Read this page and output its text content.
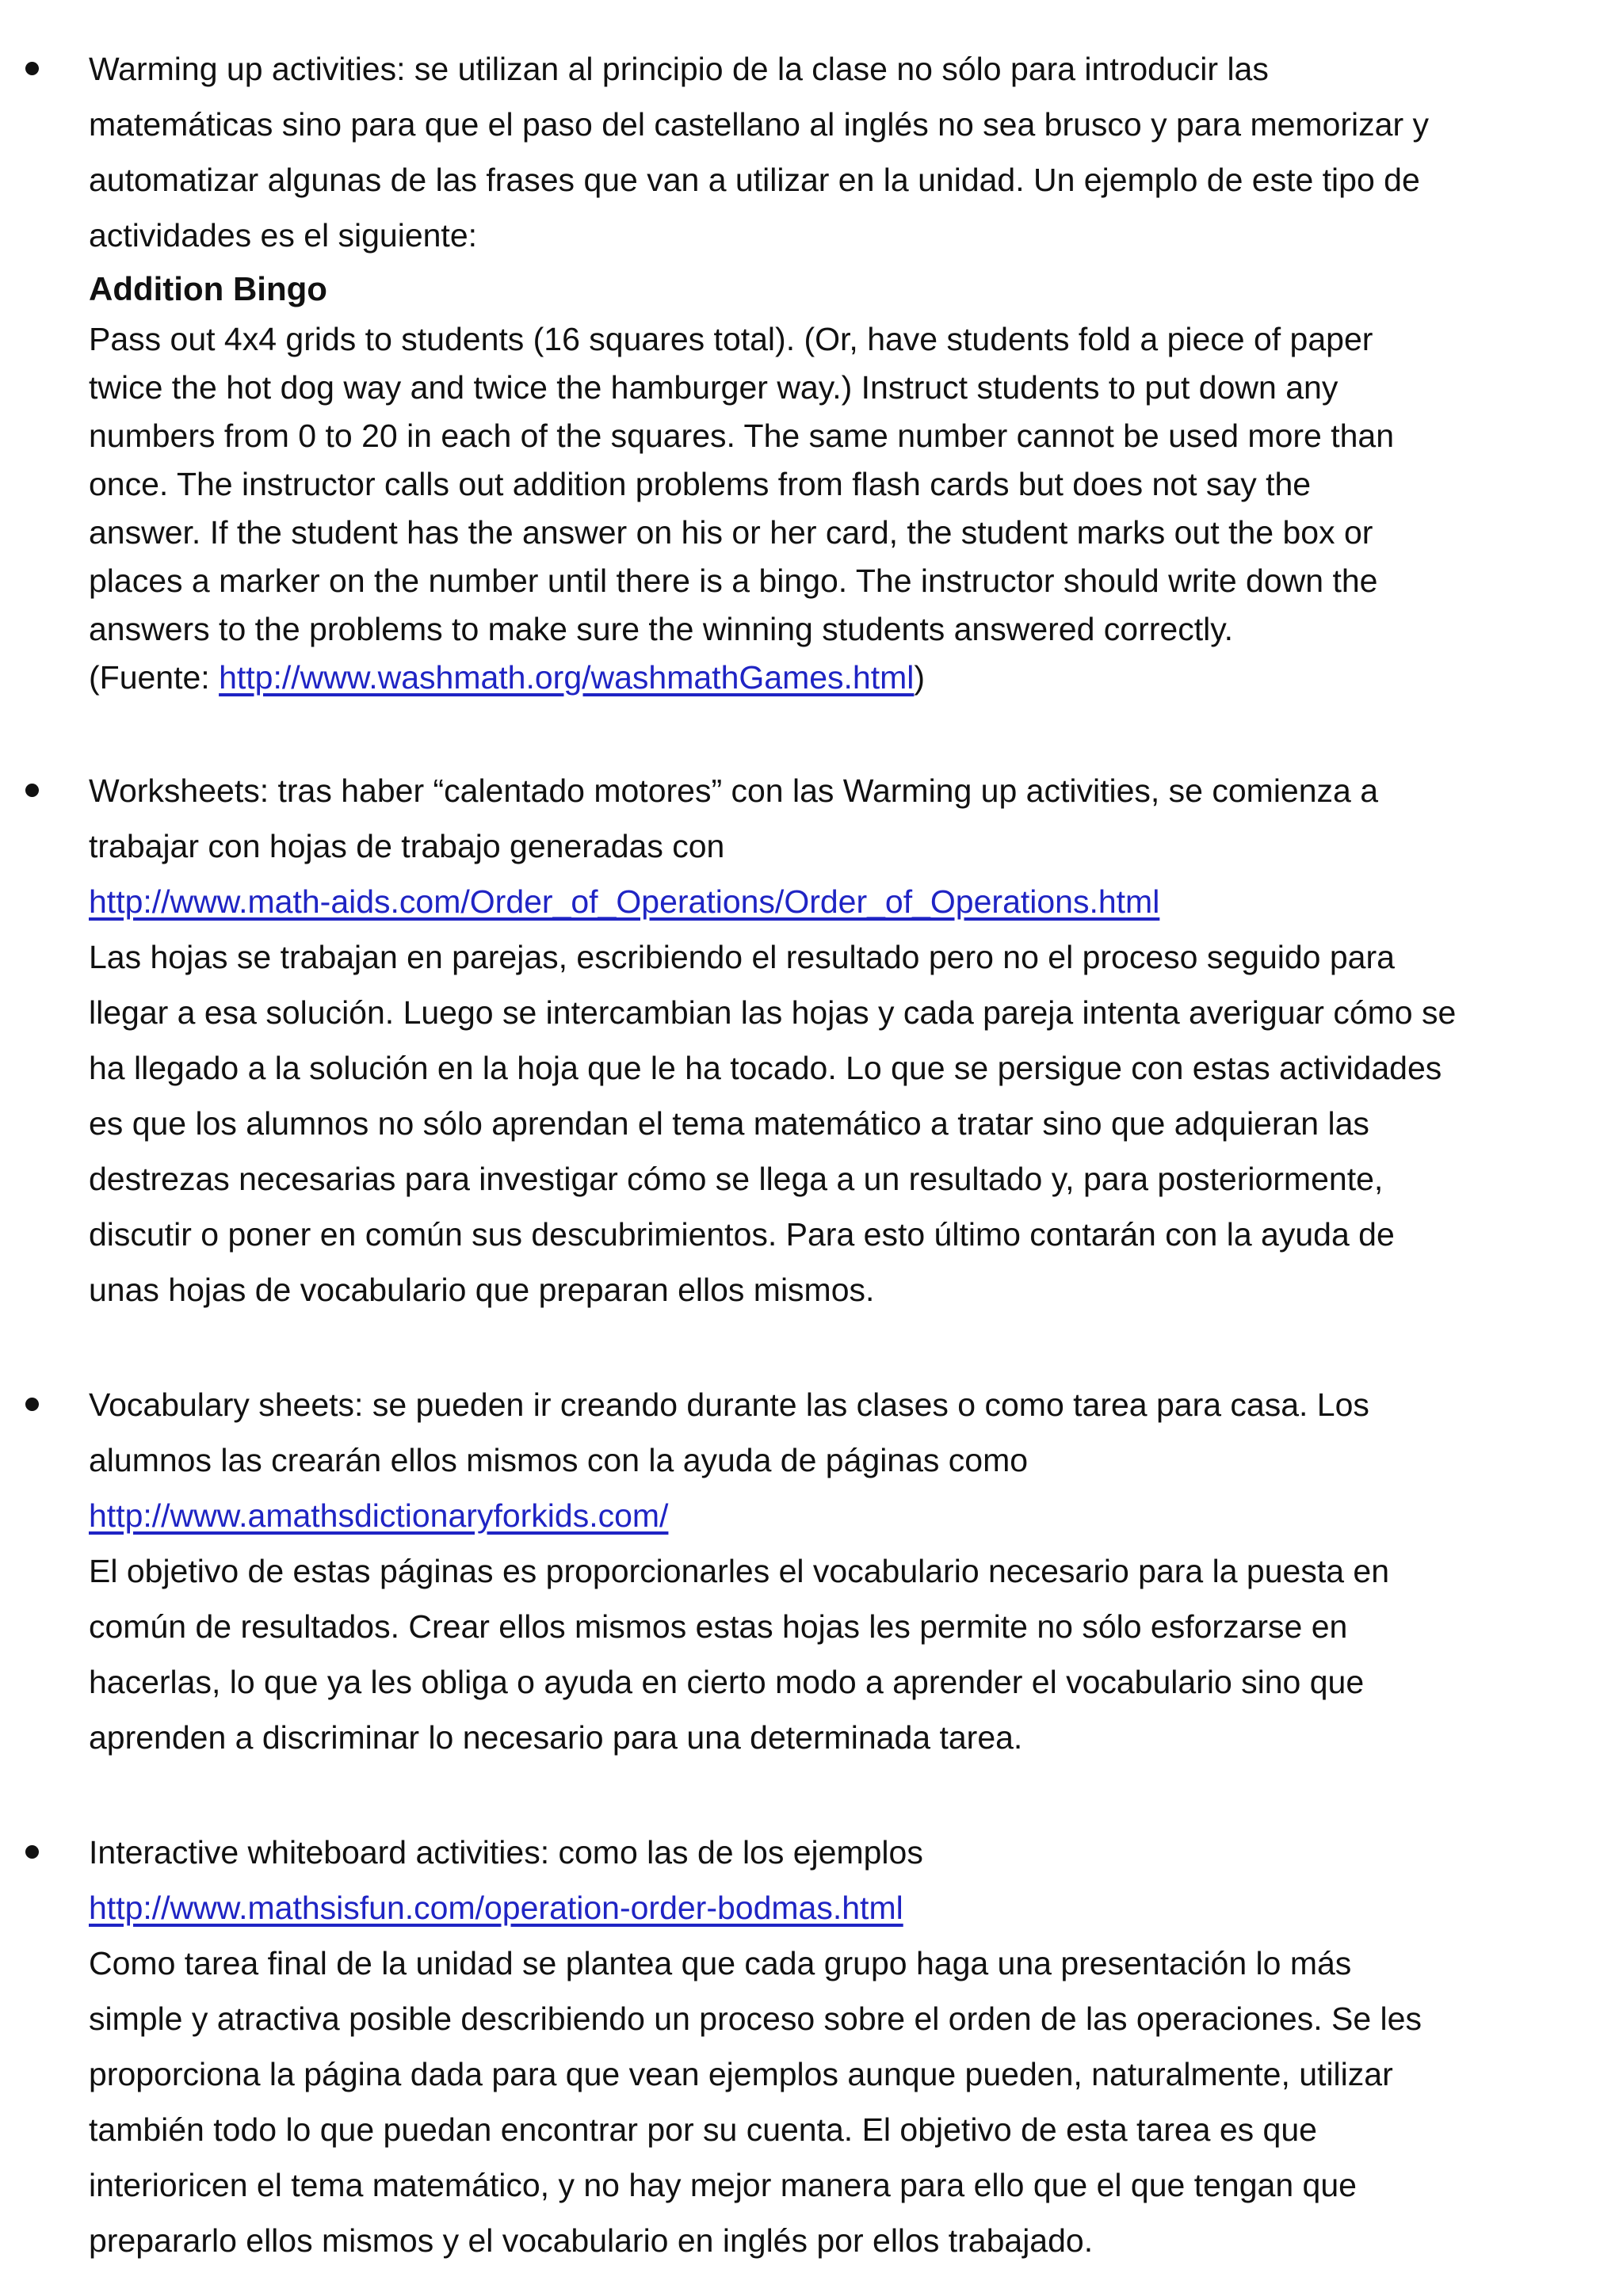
Warming up activities: se utilizan al principio de la clase no sólo para introducir las
matemáticas sino para que el paso del castellano al inglés no sea brusco y para memorizar y
automatizar algunas de las frases que van a utilizar en la unidad. Un ejemplo de este tipo de
actividades es el siguiente:

Addition Bingo

Pass out 4x4 grids to students (16 squares total). (Or, have students fold a piece of paper
twice the hot dog way and twice the hamburger way.) Instruct students to put down any
numbers from 0 to 20 in each of the squares. The same number cannot be used more than
once. The instructor calls out addition problems from flash cards but does not say the
answer. If the student has the answer on his or her card, the student marks out the box or
places a marker on the number until there is a bingo. The instructor should write down the
answers to the problems to make sure the winning students answered correctly.
(Fuente: http://www.washmath.org/washmathGames.html)

Worksheets: tras haber “calentado motores” con las Warming up activities, se comienza a
trabajar con hojas de trabajo generadas con
http://www.math-aids.com/Order_of_Operations/Order_of_Operations.html
Las hojas se trabajan en parejas, escribiendo el resultado pero no el proceso seguido para
llegar a esa solución. Luego se intercambian las hojas y cada pareja intenta averiguar cómo se
ha llegado a la solución en la hoja que le ha tocado. Lo que se persigue con estas actividades
es que los alumnos no sólo aprendan el tema matemático a tratar sino que adquieran las
destrezas necesarias para investigar cómo se llega a un resultado y, para posteriormente,
discutir o poner en común sus descubrimientos. Para esto último contarán con la ayuda de
unas hojas de vocabulario que preparan ellos mismos.

Vocabulary sheets: se pueden ir creando durante las clases o como tarea para casa. Los
alumnos las crearán ellos mismos con la ayuda de páginas como
http://www.amathsdictionaryforkids.com/
El objetivo de estas páginas es proporcionarles el vocabulario necesario para la puesta en
común de resultados. Crear ellos mismos estas hojas les permite no sólo esforzarse en
hacerlas, lo que ya les obliga o ayuda en cierto modo a aprender el vocabulario sino que
aprenden a discriminar lo necesario para una determinada tarea.

Interactive whiteboard activities: como las de los ejemplos
http://www.mathsisfun.com/operation-order-bodmas.html
Como tarea final de la unidad se plantea que cada grupo haga una presentación lo más
simple y atractiva posible describiendo un proceso sobre el orden de las operaciones. Se les
proporciona la página dada para que vean ejemplos aunque pueden, naturalmente, utilizar
también todo lo que puedan encontrar por su cuenta. El objetivo de esta tarea es que
interioricen el tema matemático, y no hay mejor manera para ello que el que tengan que
prepararlo ellos mismos y el vocabulario en inglés por ellos trabajado.
